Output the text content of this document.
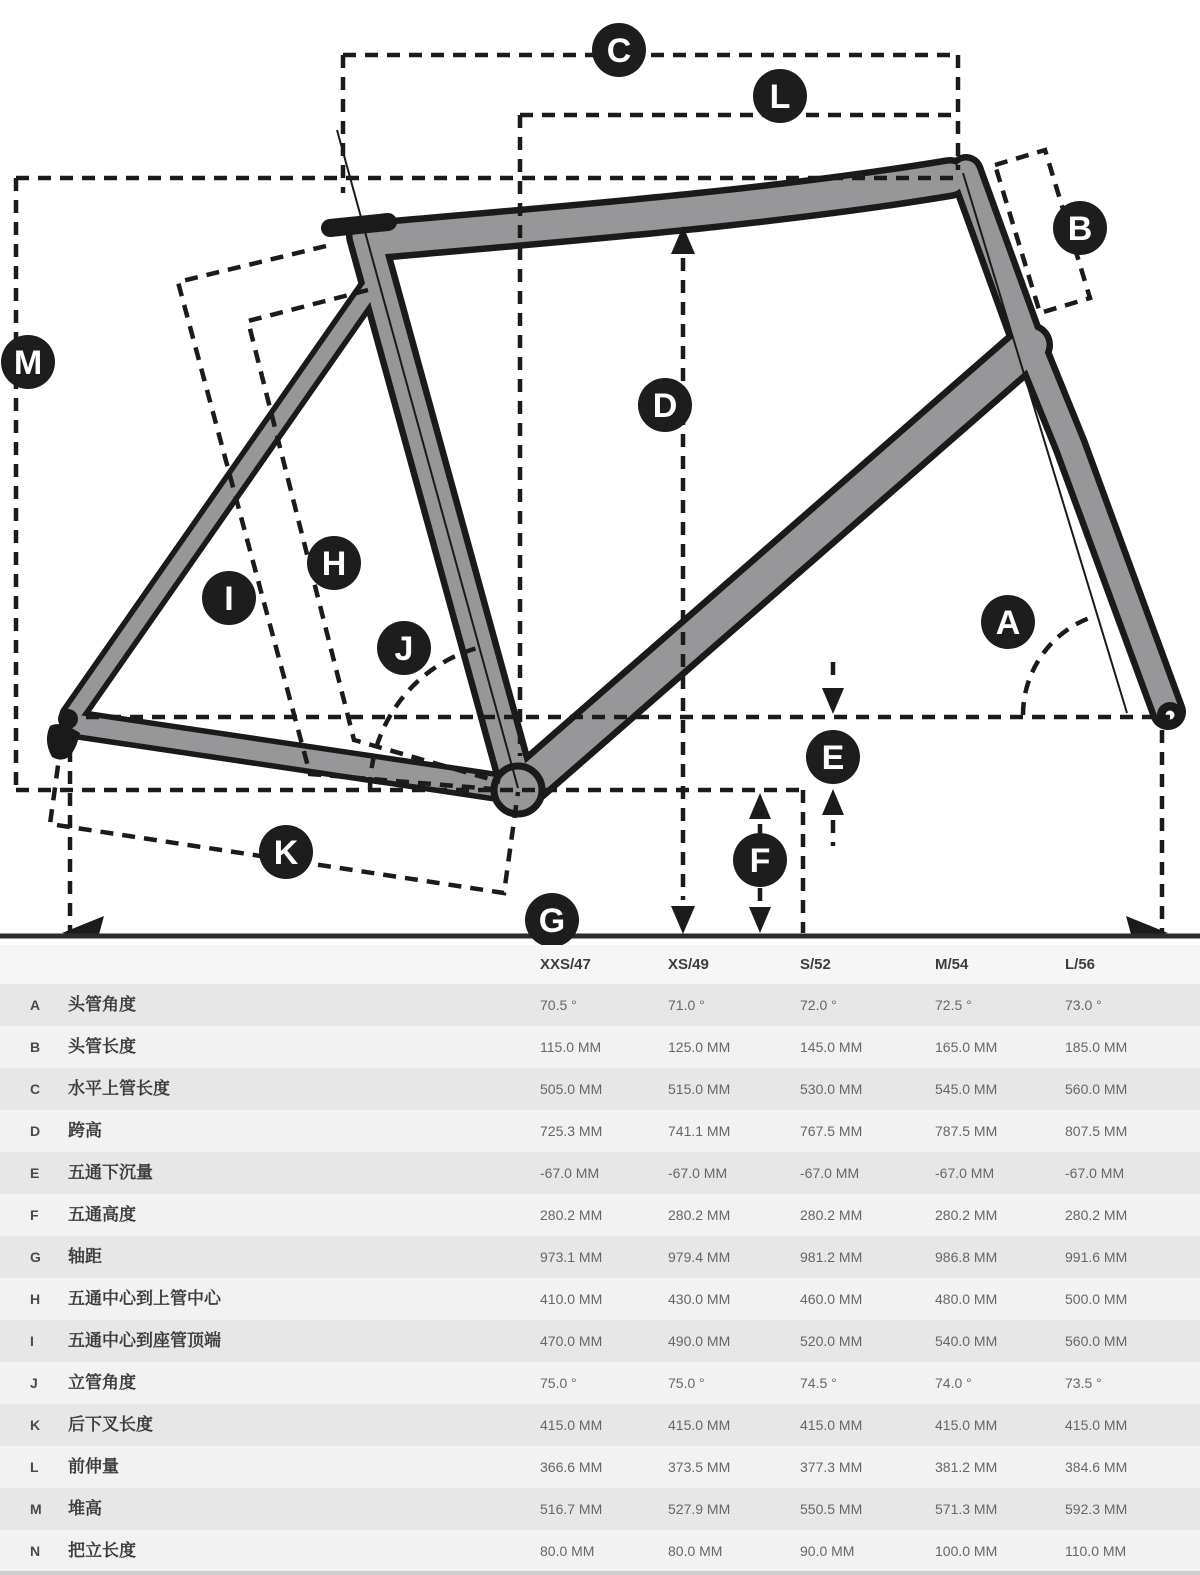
C
L
B
M
D
H
I
J
A
E
F
K
G
XXS/47	XS/49	S/52	M/54	L/56
A 头管角度	70.5 °	71.0 °	72.0 °	72.5 °	73.0 °
B 头管长度	115.0 MM	125.0 MM	145.0 MM	165.0 MM	185.0 MM
C 水平上管长度	505.0 MM	515.0 MM	530.0 MM	545.0 MM	560.0 MM
D 跨高	725.3 MM	741.1 MM	767.5 MM	787.5 MM	807.5 MM
E 五通下沉量	-67.0 MM	-67.0 MM	-67.0 MM	-67.0 MM	-67.0 MM
F 五通高度	280.2 MM	280.2 MM	280.2 MM	280.2 MM	280.2 MM
G 轴距	973.1 MM	979.4 MM	981.2 MM	986.8 MM	991.6 MM
H 五通中心到上管中心	410.0 MM	430.0 MM	460.0 MM	480.0 MM	500.0 MM
I 五通中心到座管顶端	470.0 MM	490.0 MM	520.0 MM	540.0 MM	560.0 MM
J 立管角度	75.0 °	75.0 °	74.5 °	74.0 °	73.5 °
K 后下叉长度	415.0 MM	415.0 MM	415.0 MM	415.0 MM	415.0 MM
L 前伸量	366.6 MM	373.5 MM	377.3 MM	381.2 MM	384.6 MM
M 堆高	516.7 MM	527.9 MM	550.5 MM	571.3 MM	592.3 MM
N 把立长度	80.0 MM	80.0 MM	90.0 MM	100.0 MM	110.0 MM
